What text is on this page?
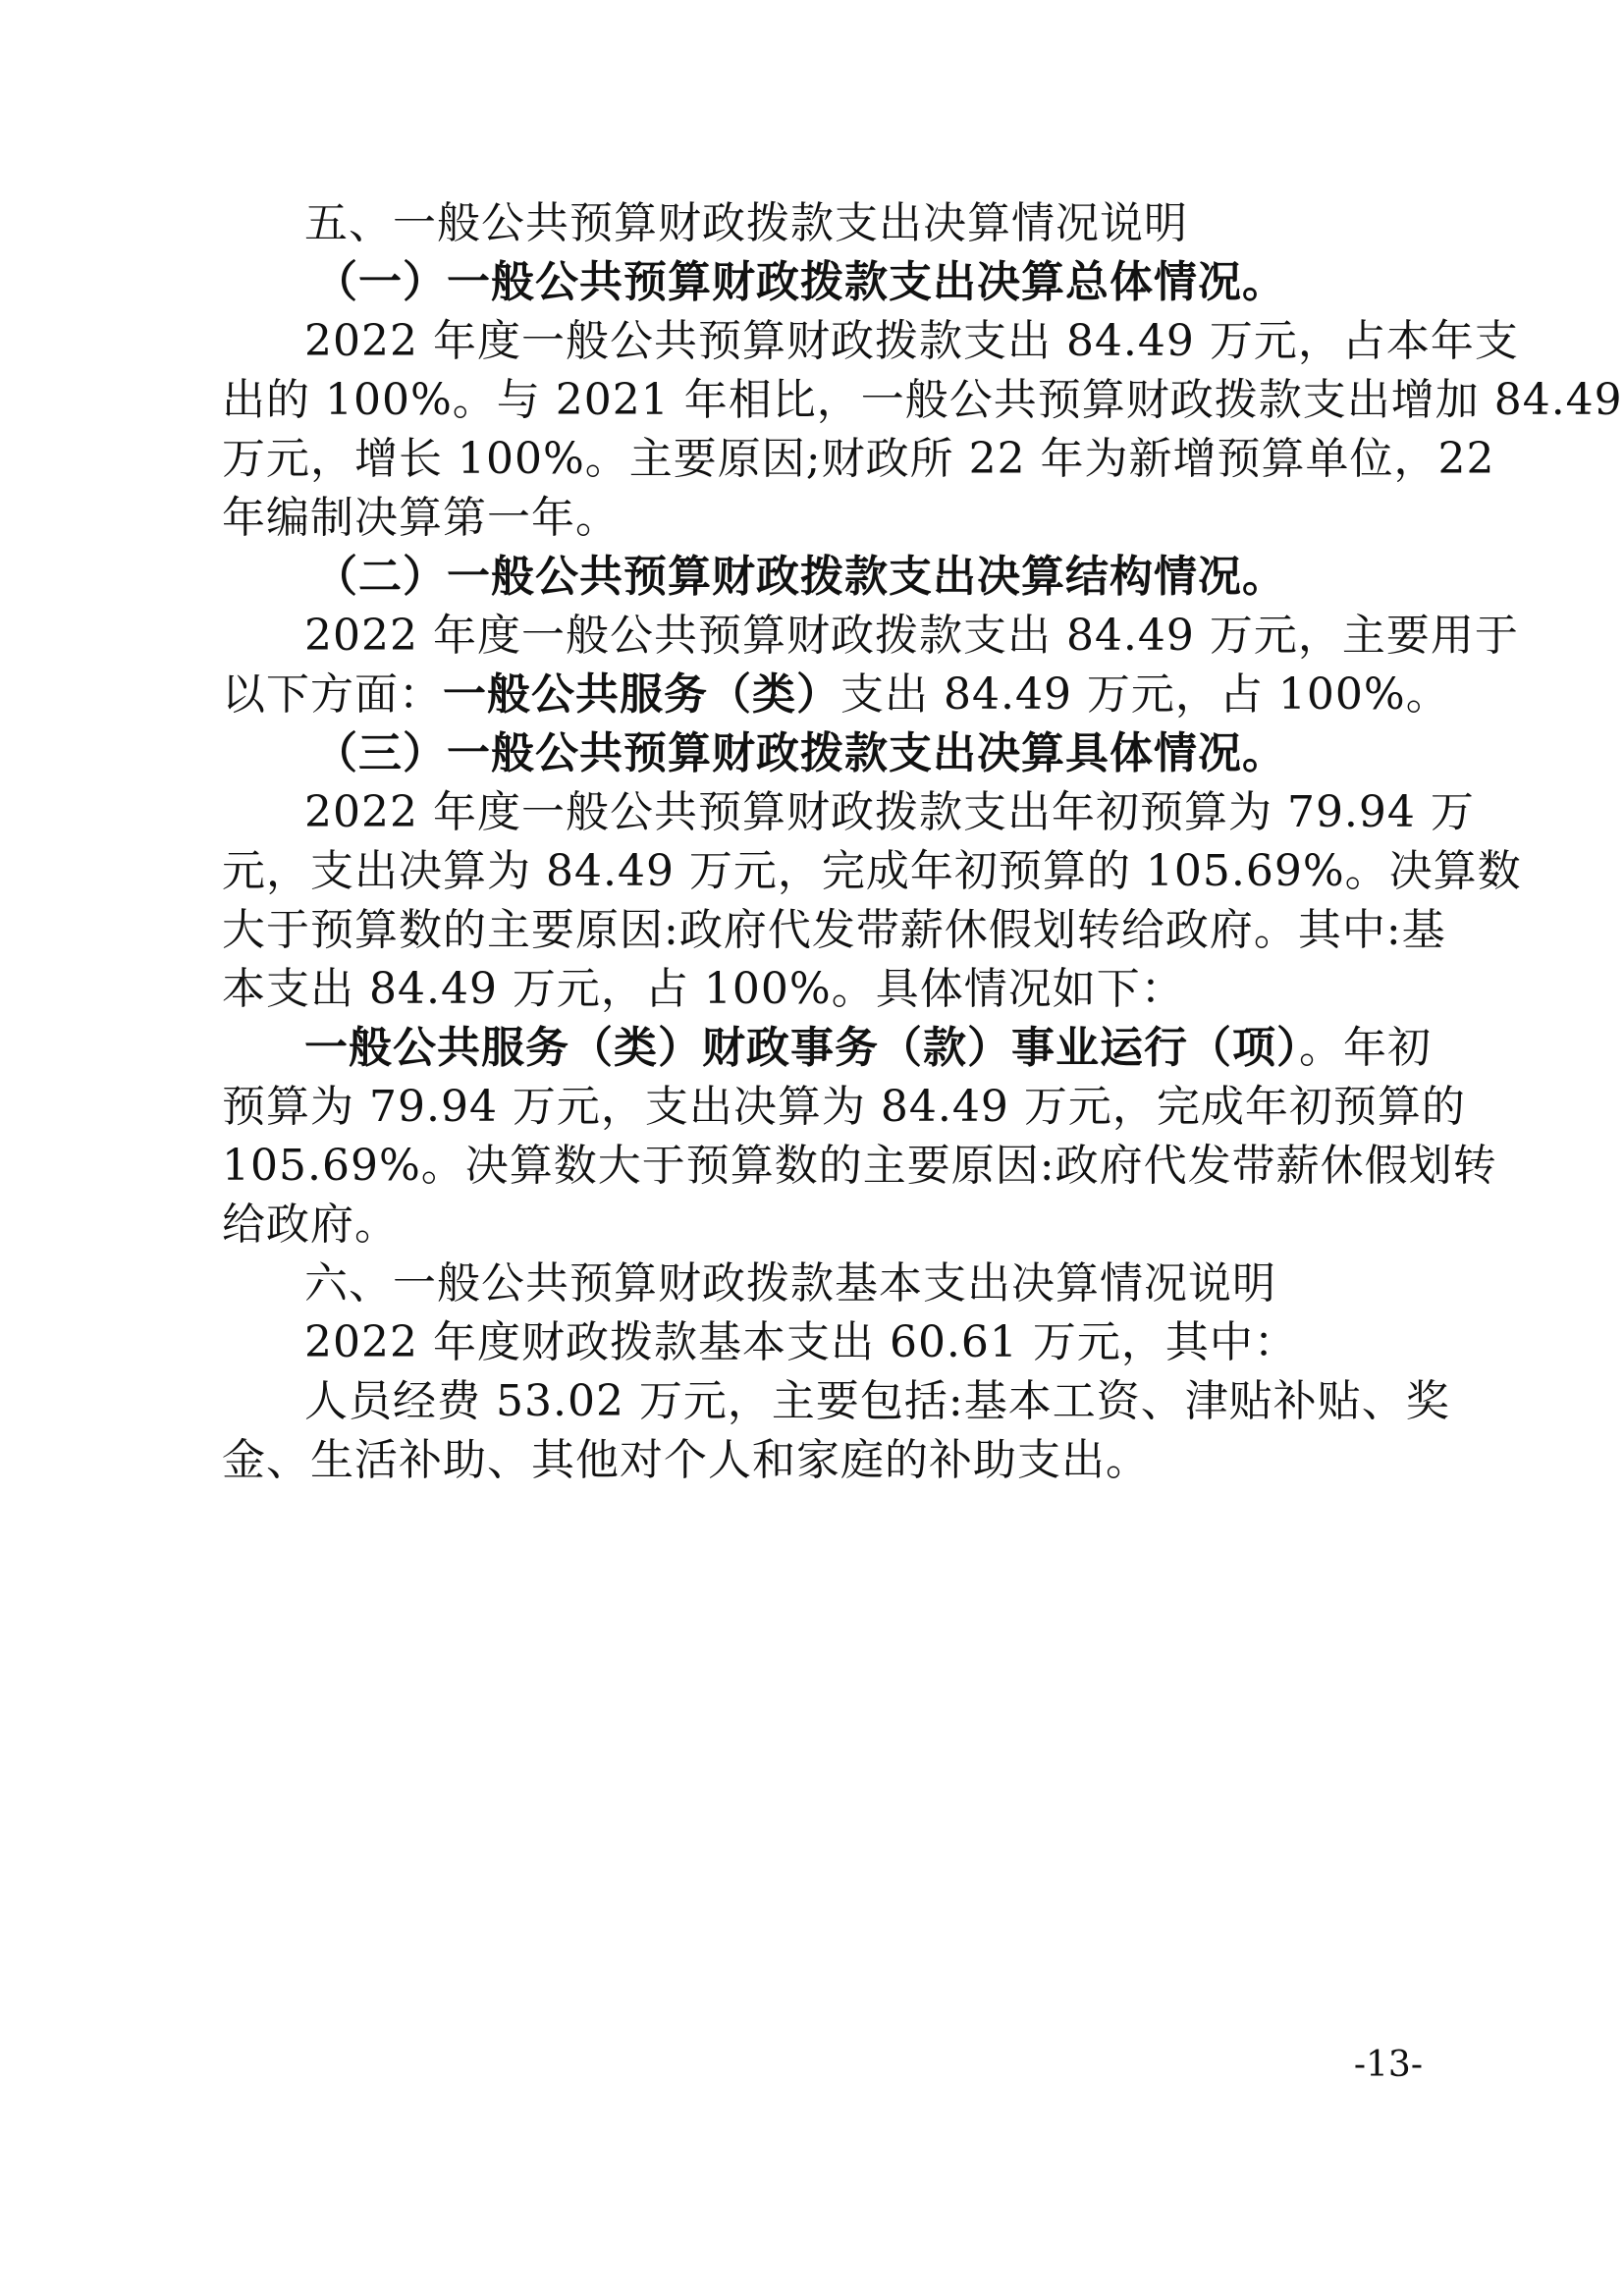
五、一般公共预算财政拨款支出决算情况说明
（一）一般公共预算财政拨款支出决算总体情况。
2022 年度一般公共预算财政拨款支出 84.49 万元，占本年支
出的 100%。与 2021 年相比，一般公共预算财政拨款支出增加 84.49
万元，增长 100%。主要原因;财政所 22 年为新增预算单位，22
年编制决算第一年。
（二）一般公共预算财政拨款支出决算结构情况。
2022 年度一般公共预算财政拨款支出 84.49 万元，主要用于
以下方面：一般公共服务（类）支出 84.49 万元，占 100%。
（三）一般公共预算财政拨款支出决算具体情况。
2022 年度一般公共预算财政拨款支出年初预算为 79.94 万
元，支出决算为 84.49 万元，完成年初预算的 105.69%。决算数
大于预算数的主要原因:政府代发带薪休假划转给政府。其中:基
本支出 84.49 万元，占 100%。具体情况如下：
一般公共服务（类）财政事务（款）事业运行（项）。年初
预算为 79.94 万元，支出决算为 84.49 万元，完成年初预算的
105.69%。决算数大于预算数的主要原因:政府代发带薪休假划转
给政府。
六、一般公共预算财政拨款基本支出决算情况说明
2022 年度财政拨款基本支出 60.61 万元，其中：
人员经费 53.02 万元，主要包括:基本工资、津贴补贴、奖
金、生活补助、其他对个人和家庭的补助支出。
-13-
